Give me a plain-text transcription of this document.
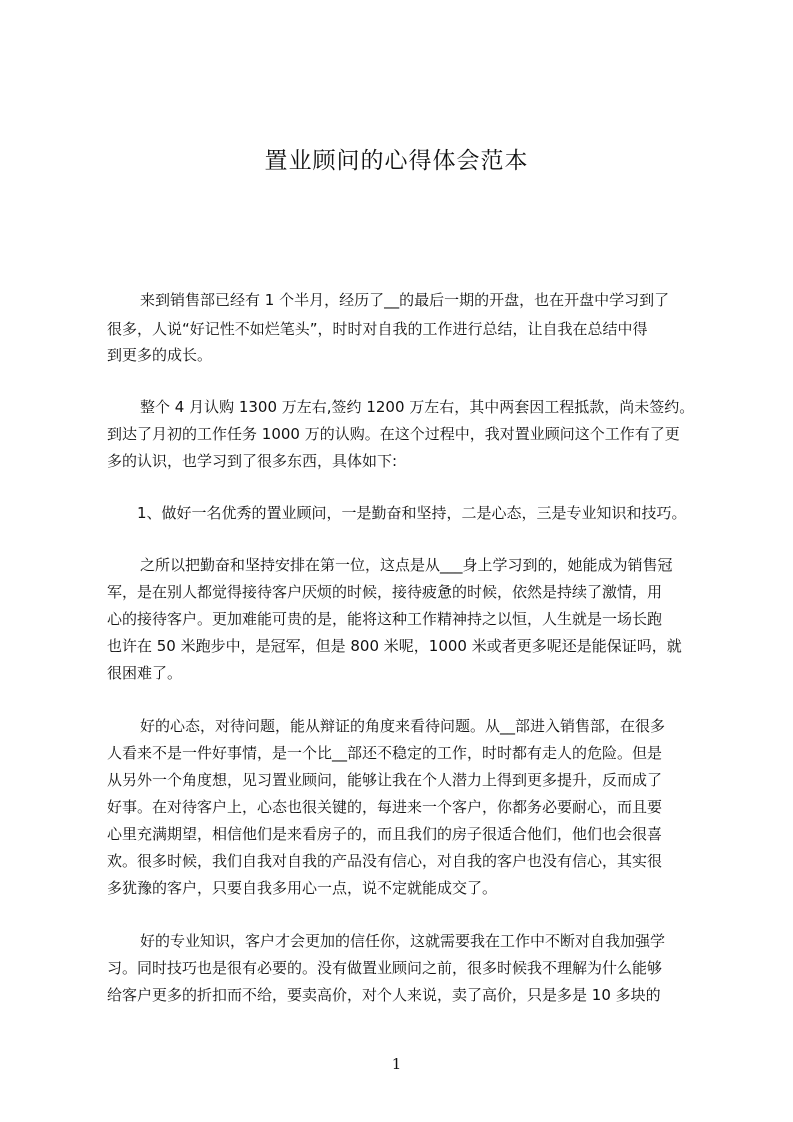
置业顾问的心得体会范本
来到销售部已经有 1 个半月，经历了__的最后一期的开盘，也在开盘中学习到了
很多，人说“好记性不如烂笔头”，时时对自我的工作进行总结，让自我在总结中得
到更多的成长。
整个 4 月认购 1300 万左右,签约 1200 万左右，其中两套因工程抵款，尚未签约。
到达了月初的工作任务 1000 万的认购。在这个过程中，我对置业顾问这个工作有了更
多的认识，也学习到了很多东西，具体如下:
1、做好一名优秀的置业顾问，一是勤奋和坚持，二是心态，三是专业知识和技巧。
之所以把勤奋和坚持安排在第一位，这点是从___身上学习到的，她能成为销售冠
军，是在别人都觉得接待客户厌烦的时候，接待疲惫的时候，依然是持续了激情，用
心的接待客户。更加难能可贵的是，能将这种工作精神持之以恒，人生就是一场长跑
也许在 50 米跑步中，是冠军，但是 800 米呢，1000 米或者更多呢还是能保证吗，就
很困难了。
好的心态，对待问题，能从辩证的角度来看待问题。从__部进入销售部，在很多
人看来不是一件好事情，是一个比__部还不稳定的工作，时时都有走人的危险。但是
从另外一个角度想，见习置业顾问，能够让我在个人潜力上得到更多提升，反而成了
好事。在对待客户上，心态也很关键的，每进来一个客户，你都务必要耐心，而且要
心里充满期望，相信他们是来看房子的，而且我们的房子很适合他们，他们也会很喜
欢。很多时候，我们自我对自我的产品没有信心，对自我的客户也没有信心，其实很
多犹豫的客户，只要自我多用心一点，说不定就能成交了。
好的专业知识，客户才会更加的信任你，这就需要我在工作中不断对自我加强学
习。同时技巧也是很有必要的。没有做置业顾问之前，很多时候我不理解为什么能够
给客户更多的折扣而不给，要卖高价，对个人来说，卖了高价，只是多是 10 多块的
1
